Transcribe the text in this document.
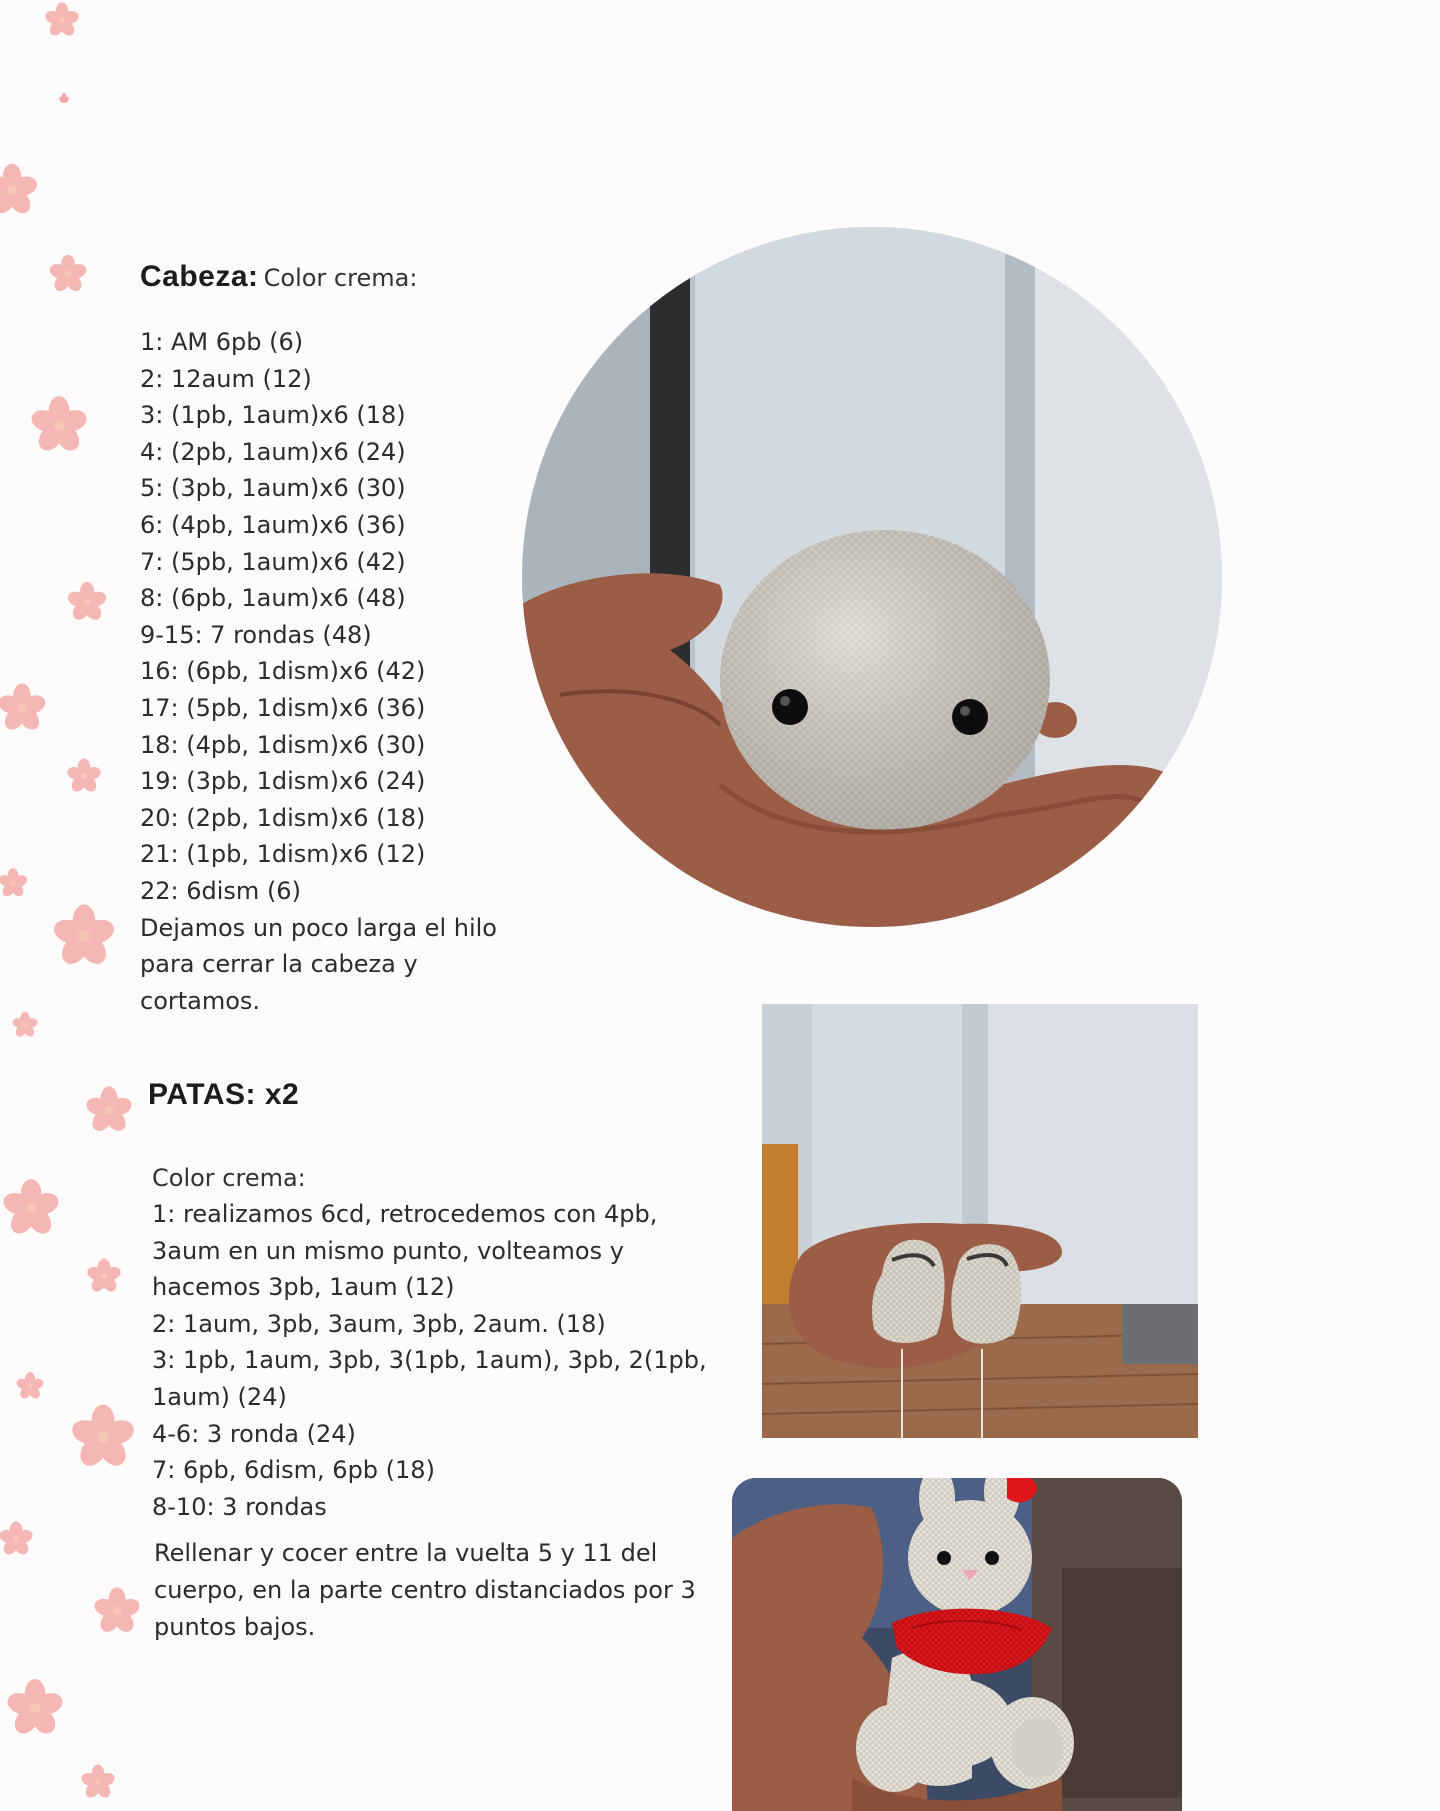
Cabeza: Color crema:
1: AM 6pb (6)
2: 12aum (12)
3: (1pb, 1aum)x6 (18)
4: (2pb, 1aum)x6 (24)
5: (3pb, 1aum)x6 (30)
6: (4pb, 1aum)x6 (36)
7: (5pb, 1aum)x6 (42)
8: (6pb, 1aum)x6 (48)
9-15: 7 rondas (48)
16: (6pb, 1dism)x6 (42)
17: (5pb, 1dism)x6 (36)
18: (4pb, 1dism)x6 (30)
19: (3pb, 1dism)x6 (24)
20: (2pb, 1dism)x6 (18)
21: (1pb, 1dism)x6 (12)
22: 6dism (6)
Dejamos un poco larga el hilo
para cerrar la cabeza y
cortamos.
PATAS: x2
Color crema:
1: realizamos 6cd, retrocedemos con 4pb,
3aum en un mismo punto, volteamos y
hacemos 3pb, 1aum (12)
2: 1aum, 3pb, 3aum, 3pb, 2aum. (18)
3: 1pb, 1aum, 3pb, 3(1pb, 1aum), 3pb, 2(1pb,
1aum) (24)
4-6: 3 ronda (24)
7: 6pb, 6dism, 6pb (18)
8-10: 3 rondas
Rellenar y cocer entre la vuelta 5 y 11 del
cuerpo, en la parte centro distanciados por 3
puntos bajos.
